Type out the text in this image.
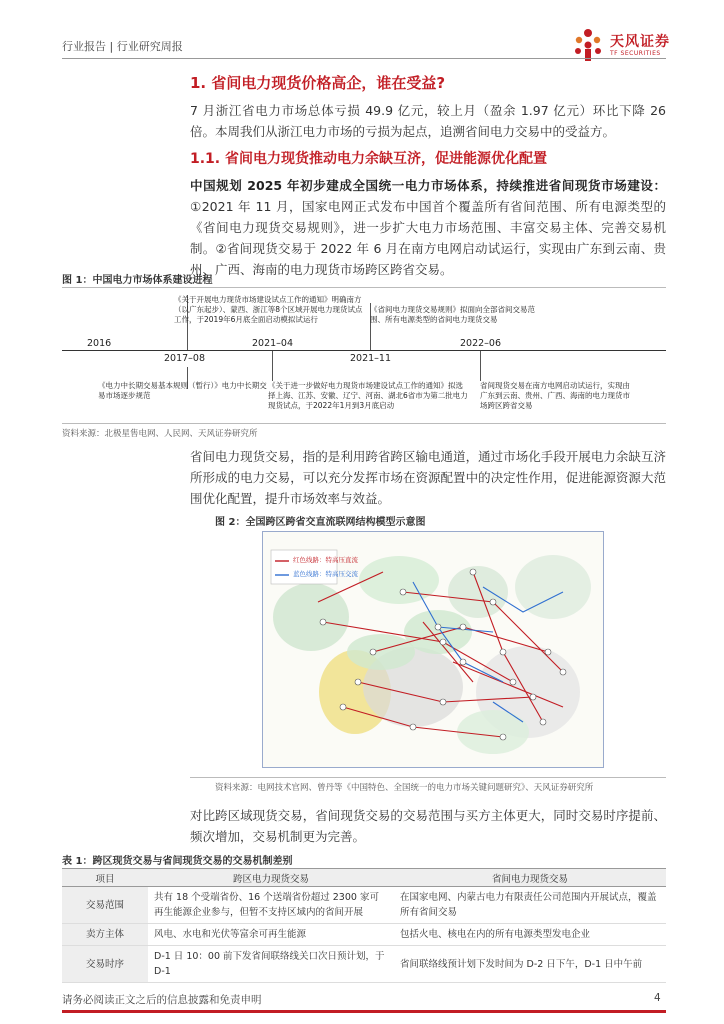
行业报告 | 行业研究周报	天风证券
TF SECURITIES
1. 省间电力现货价格高企，谁在受益?
7 月浙江省电力市场总体亏损 49.9 亿元，较上月（盈余 1.97 亿元）环比下降 26 倍。本周我们从浙江电力市场的亏损为起点，追溯省间电力交易中的受益方。
1.1. 省间电力现货推动电力余缺互济，促进能源优化配置
中国规划 2025 年初步建成全国统一电力市场体系，持续推进省间现货市场建设：①2021 年 11 月，国家电网正式发布中国首个覆盖所有省间范围、所有电源类型的《省间电力现货交易规则》，进一步扩大电力市场范围、丰富交易主体、完善交易机制。②省间现货交易于 2022 年 6 月在南方电网启动试运行，实现由广东到云南、贵州、广西、海南的电力现货市场跨区跨省交易。
图 1：中国电力市场体系建设进程
2016
2017–08
2021–04
2021–11
2022–06
《关于开展电力现货市场建设试点工作的通知》明确南方（以广东起步）、蒙西、浙江等8个区域开展电力现货试点工作，于2019年6月底全面启动模拟试运行
《省间电力现货交易规则》拟面向全部省间交易范围、所有电源类型的省间电力现货交易
《电力中长期交易基本规则（暂行）》电力中长期交易市场逐步规范
《关于进一步做好电力现货市场建设试点工作的通知》拟选择上海、江苏、安徽、辽宁、河南、湖北6省市为第二批电力现货试点，于2022年1月到3月底启动
省间现货交易在南方电网启动试运行，实现由广东到云南、贵州、广西、海南的电力现货市场跨区跨省交易
资料来源：北极星售电网、人民网、天风证券研究所
省间电力现货交易，指的是利用跨省跨区输电通道，通过市场化手段开展电力余缺互济所形成的电力交易，可以充分发挥市场在资源配置中的决定性作用，促进能源资源大范围优化配置，提升市场效率与效益。
图 2：全国跨区跨省交直流联网结构模型示意图
红色线路：特高压直流
蓝色线路：特高压交流
资料来源：电网技术官网、曾丹等《中国特色、全国统一的电力市场关键问题研究》、天风证券研究所
对比跨区域现货交易，省间现货交易的交易范围与买方主体更大，同时交易时序提前、频次增加，交易机制更为完善。
表 1：跨区现货交易与省间现货交易的交易机制差别
项目	跨区电力现货交易	省间电力现货交易
交易范围	共有 18 个受端省份、16 个送端省份超过 2300 家可再生能源企业参与，但暂不支持区域内的省间开展	在国家电网、内蒙古电力有限责任公司范围内开展试点，覆盖所有省间交易
卖方主体	风电、水电和光伏等富余可再生能源	包括火电、核电在内的所有电源类型发电企业
交易时序	D-1 日 10：00 前下发省间联络线关口次日预计划，于 D-1	省间联络线预计划下发时间为 D-2 日下午，D-1 日中午前
请务必阅读正文之后的信息披露和免责申明	4
